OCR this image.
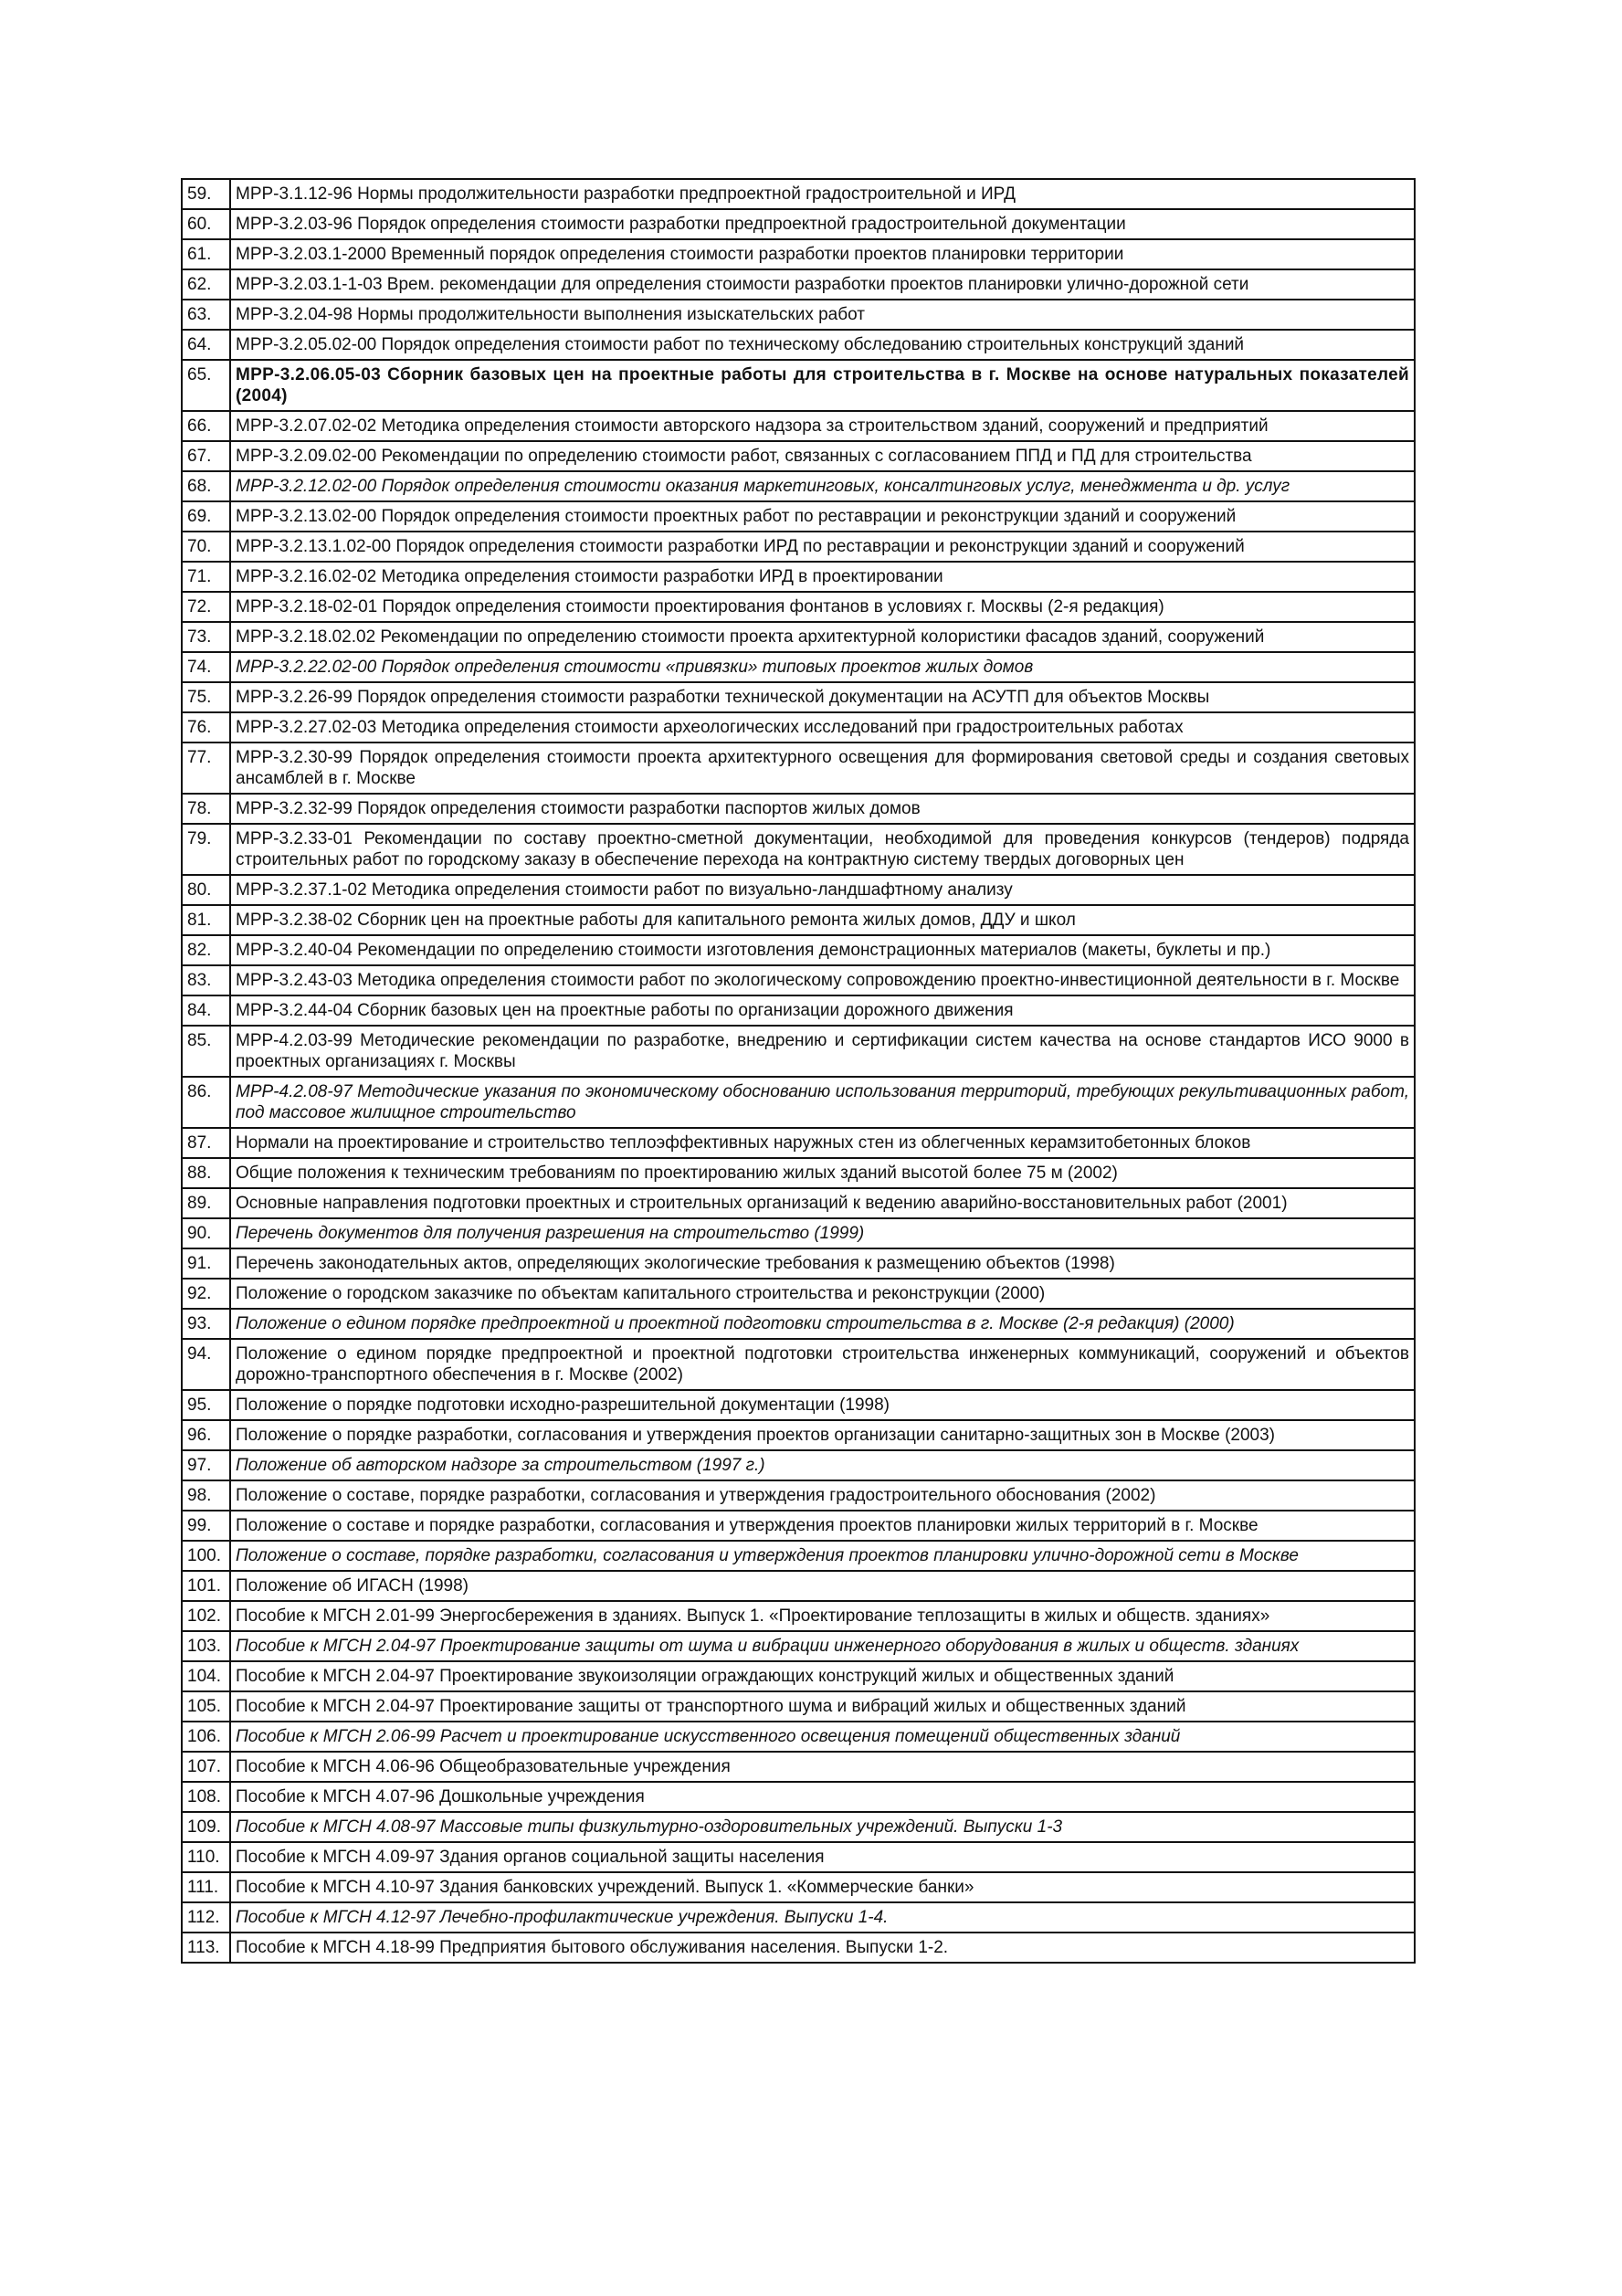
59.	МРР-3.1.12-96 Нормы продолжительности разработки предпроектной градостроительной и ИРД
60.	МРР-3.2.03-96 Порядок определения стоимости разработки предпроектной градостроительной документации
61.	МРР-3.2.03.1-2000 Временный порядок определения стоимости разработки проектов планировки территории
62.	МРР-3.2.03.1-1-03 Врем. рекомендации для определения стоимости разработки проектов планировки улично-дорожной сети
63.	МРР-3.2.04-98 Нормы продолжительности выполнения изыскательских работ
64.	МРР-3.2.05.02-00 Порядок определения стоимости работ по техническому обследованию строительных конструкций зданий
65.	МРР-3.2.06.05-03 Сборник базовых цен на проектные работы для строительства в г. Москве на основе натуральных показателей (2004)
66.	МРР-3.2.07.02-02 Методика определения стоимости авторского надзора за строительством зданий, сооружений и предприятий
67.	МРР-3.2.09.02-00 Рекомендации по определению стоимости работ, связанных с согласованием ППД и ПД для строительства
68.	МРР-3.2.12.02-00 Порядок определения стоимости оказания маркетинговых, консалтинговых услуг, менеджмента и др. услуг
69.	МРР-3.2.13.02-00 Порядок определения стоимости проектных работ по реставрации и реконструкции зданий и сооружений
70.	МРР-3.2.13.1.02-00 Порядок определения стоимости разработки ИРД по реставрации и реконструкции зданий и сооружений
71.	МРР-3.2.16.02-02 Методика определения стоимости разработки ИРД в проектировании
72.	МРР-3.2.18-02-01 Порядок определения стоимости проектирования фонтанов в условиях г. Москвы (2-я редакция)
73.	МРР-3.2.18.02.02 Рекомендации по определению стоимости проекта архитектурной колористики фасадов зданий, сооружений
74.	МРР-3.2.22.02-00 Порядок определения стоимости «привязки» типовых проектов жилых домов
75.	МРР-3.2.26-99 Порядок определения стоимости разработки технической документации на АСУТП для объектов Москвы
76.	МРР-3.2.27.02-03 Методика определения стоимости археологических исследований при градостроительных работах
77.	МРР-3.2.30-99 Порядок определения стоимости проекта архитектурного освещения для формирования световой среды и создания световых ансамблей в г. Москве
78.	МРР-3.2.32-99 Порядок определения стоимости разработки паспортов жилых домов
79.	МРР-3.2.33-01 Рекомендации по составу проектно-сметной документации, необходимой для проведения конкурсов (тендеров) подряда строительных работ по городскому заказу в обеспечение перехода на контрактную систему твердых договорных цен
80.	МРР-3.2.37.1-02 Методика определения стоимости работ по визуально-ландшафтному анализу
81.	МРР-3.2.38-02 Сборник цен на проектные работы для капитального ремонта жилых домов, ДДУ и школ
82.	МРР-3.2.40-04 Рекомендации по определению стоимости изготовления демонстрационных материалов (макеты, буклеты и пр.)
83.	МРР-3.2.43-03 Методика определения стоимости работ по экологическому сопровождению проектно-инвестиционной деятельности в г. Москве
84.	МРР-3.2.44-04 Сборник базовых цен на проектные работы по организации дорожного движения
85.	МРР-4.2.03-99 Методические рекомендации по разработке, внедрению и сертификации систем качества на основе стандартов ИСО 9000 в проектных организациях г. Москвы
86.	МРР-4.2.08-97 Методические указания по экономическому обоснованию использования территорий, требующих рекультивационных работ, под массовое жилищное строительство
87.	Нормали на проектирование и строительство теплоэффективных наружных стен из облегченных керамзитобетонных блоков
88.	Общие положения к техническим требованиям по проектированию жилых зданий высотой более 75 м (2002)
89.	Основные направления подготовки проектных и строительных организаций к ведению аварийно-восстановительных работ (2001)
90.	Перечень документов для получения разрешения на строительство (1999)
91.	Перечень законодательных актов, определяющих экологические требования к размещению объектов (1998)
92.	Положение о городском заказчике по объектам капитального строительства и реконструкции (2000)
93.	Положение о едином порядке предпроектной и проектной подготовки строительства в г. Москве (2-я редакция) (2000)
94.	Положение о едином порядке предпроектной и проектной подготовки строительства инженерных коммуникаций, сооружений и объектов дорожно-транспортного обеспечения в г. Москве (2002)
95.	Положение о порядке подготовки исходно-разрешительной документации (1998)
96.	Положение о порядке разработки, согласования и утверждения проектов организации санитарно-защитных зон в Москве (2003)
97.	Положение об авторском надзоре за строительством (1997 г.)
98.	Положение о составе, порядке разработки, согласования и утверждения градостроительного обоснования (2002)
99.	Положение о составе и порядке разработки, согласования и утверждения проектов планировки жилых территорий в г. Москве
100.	Положение о составе, порядке разработки, согласования и утверждения проектов планировки улично-дорожной сети в Москве
101.	Положение об ИГАСН (1998)
102.	Пособие к МГСН 2.01-99 Энергосбережения в зданиях. Выпуск 1. «Проектирование теплозащиты в жилых и обществ. зданиях»
103.	Пособие к МГСН 2.04-97 Проектирование защиты от шума и вибрации инженерного оборудования в жилых и обществ. зданиях
104.	Пособие к МГСН 2.04-97 Проектирование звукоизоляции ограждающих конструкций жилых и общественных зданий
105.	Пособие к МГСН 2.04-97 Проектирование защиты от транспортного шума и вибраций жилых и общественных зданий
106.	Пособие к МГСН 2.06-99 Расчет и проектирование искусственного освещения помещений общественных зданий
107.	Пособие к МГСН 4.06-96 Общеобразовательные учреждения
108.	Пособие к МГСН 4.07-96 Дошкольные учреждения
109.	Пособие к МГСН 4.08-97 Массовые типы физкультурно-оздоровительных учреждений. Выпуски 1-3
110.	Пособие к МГСН 4.09-97 Здания органов социальной защиты населения
111.	Пособие к МГСН 4.10-97 Здания банковских учреждений. Выпуск 1. «Коммерческие банки»
112.	Пособие к МГСН 4.12-97 Лечебно-профилактические учреждения. Выпуски 1-4.
113.	Пособие к МГСН 4.18-99 Предприятия бытового обслуживания населения. Выпуски 1-2.
